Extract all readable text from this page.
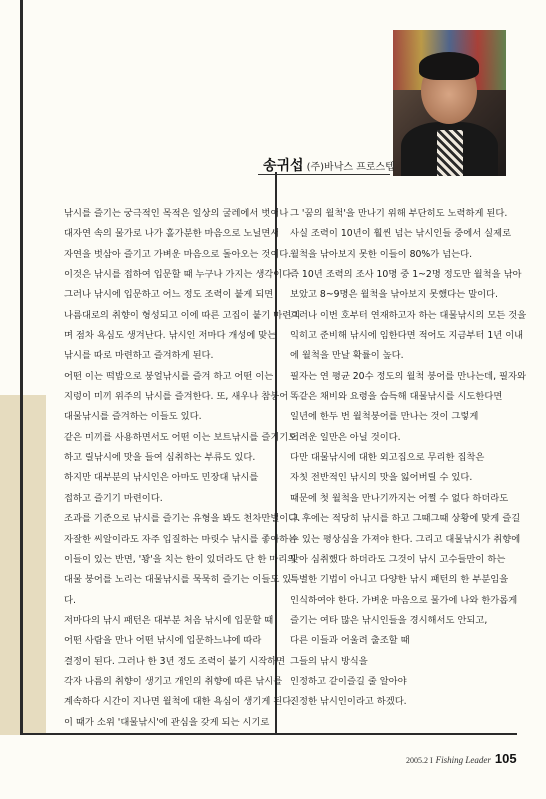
송귀섭 (주)바낙스 프로스텝
낚시를 즐기는 궁극적인 목적은 일상의 굴레에서 벗어나
대자연 속의 물가로 나가 홀가분한 마음으로 노닐면서
자연을 벗삼아 즐기고 가벼운 마음으로 돌아오는 것이다.
이것은 낚시를 접하여 입문할 때 누구나 가지는 생각이다.
그러나 낚시에 입문하고 어느 정도 조력이 붙게 되면
나름대로의 취향이 형성되고 이에 따른 고집이 붙기 마련이
며 점차 욕심도 생겨난다. 낚시인 저마다 개성에 맞는
낚시를 따로 마련하고 즐겨하게 된다.
어떤 이는 떡밥으로 붕얼낚시를 즐겨 하고 어떤 이는
지렁이 미끼 위주의 낚시를 즐겨한다. 또, 새우나 참붕어
대물낚시를 즐겨하는 이들도 있다.
같은 미끼를 사용하면서도 어떤 이는 보트낚시를 즐기기도
하고 릴낚시에 맛을 들여 심취하는 부류도 있다.
하지만 대부분의 낚시인은 아마도 민장대 낚시를
접하고 즐기기 마련이다.
조과를 기준으로 낚시를 즐기는 유형을 봐도 천차만별이다.
자잘한 씨알이라도 자주 입질하는 마릿수 낚시를 좋아하는
이들이 있는 반면, '꽝'을 치는 한이 있더라도 단 한 마리의
대물 붕어를 노리는 대물낚시를 묵묵히 즐기는 이들도 있
다.
저마다의 낚시 패턴은 대부분 처음 낚시에 입문할 때
어떤 사람을 만나 어떤 낚시에 입문하느냐에 따라
결정이 된다. 그러나 한 3년 정도 조력이 붙기 시작하면
각자 나름의 취향이 생기고 개인의 취향에 따른 낚시를
계속하다 시간이 지나면 월척에 대한 욕심이 생기게 된다.
이 때가 소위 '대물낚시'에 관심을 갖게 되는 시기로
그 '꿈의 월척'을 만나기 위해 부단히도 노력하게 된다.
사실 조력이 10년이 훨씬 넘는 낚시인들 중에서 실제로
월척을 낚아보지 못한 이들이 80%가 넘는다.
즉 10년 조력의 조사 10명 중 1~2명 정도만 월척을 낚아
보았고 8~9명은 월척을 낚아보지 못했다는 말이다.
그러나 이번 호부터 연재하고자 하는 대물낚시의 모든 것을
익히고 준비해 낚시에 임한다면 적어도 지금부터 1년 이내
에 월척을 만날 확률이 높다.
필자는 연 평균 20수 정도의 월척 붕어를 만나는데, 필자와
똑같은 채비와 요령을 습득해 대물낚시를 시도한다면
일년에 한두 번 월척붕어를 만나는 것이 그렇게
어려운 일만은 아닐 것이다.
다만 대물낚시에 대한 외고집으로 무리한 집착은
자칫 전반적인 낚시의 맛을 잃어버릴 수 있다.
때문에 첫 월척을 만나기까지는 어쩔 수 없다 하더라도
그 후에는 적당히 낚시를 하고 그때그때 상황에 맞게 즐길
수 있는 평상심을 가져야 한다. 그리고 대물낚시가 취향에
맞아 심취했다 하더라도 그것이 낚시 고수들만이 하는
특별한 기법이 아니고 다양한 낚시 패턴의 한 부분임을
인식하여야 한다. 가벼운 마음으로 물가에 나와 한가롭게
즐기는 여타 많은 낚시인들을 경시해서도 안되고,
다른 이들과 어울려 출조할 때
그들의 낚시 방식을
인정하고 같이즐길 줄 알아야
진정한 낚시인이라고 하겠다.
2005.2 I Fishing Leader 105
